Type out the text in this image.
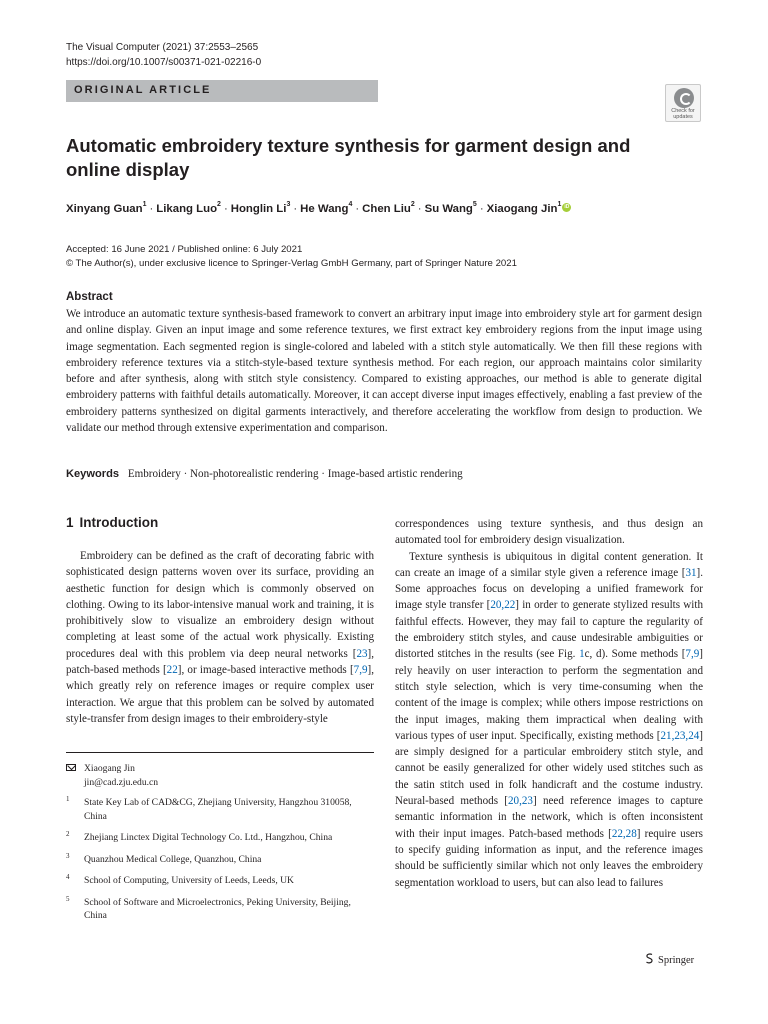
The Visual Computer (2021) 37:2553–2565
https://doi.org/10.1007/s00371-021-02216-0
ORIGINAL ARTICLE
Check for updates
Automatic embroidery texture synthesis for garment design and online display
Xinyang Guan$^1$ · Likang Luo$^2$ · Honglin $Li^3 \cdot He$ Wang$^4$ · Chen Liu$^2$ · Su Wang$^5$ · Xiaogang Jin$^1$ iD
Accepted: 16 June 2021 / Published online: 6 July 2021
© The Author(s), under exclusive licence to Springer-Verlag GmbH Germany, part of Springer Nature 2021
Abstract
We introduce an automatic texture synthesis-based framework to convert an arbitrary input image into embroidery style art for garment design and online display. Given an input image and some reference textures, we first extract key embroidery regions from the input image using image segmentation. Each segmented region is single-colored and labeled with a stitch style automatically. We then fill these regions with embroidery reference textures via a stitch-style-based texture synthesis method. For each region, our approach maintains color similarity before and after synthesis, along with stitch style consistency. Compared to existing approaches, our method is able to generate digital embroidery patterns with faithful details automatically. Moreover, it can accept diverse input images effectively, enabling a fast preview of the embroidery patterns synthesized on digital garments interactively, and therefore accelerating the workflow from design to production. We validate our method through extensive experimentation and comparison.
Keywords Embroidery · Non-photorealistic rendering · Image-based artistic rendering
1 Introduction

Embroidery can be defined as the craft of decorating fabric with sophisticated design patterns woven over its surface, providing an aesthetic function for design which is commonly observed on clothing. Owing to its labor-intensive manual work and training, it is prohibitively slow to visualize an embroidery design without completing at least some of the actual work physically. Existing procedures deal with this problem via deep neural networks [23], patch-based methods [22], or image-based interactive methods [7,9], which greatly rely on reference images or require complex user interaction. We argue that this problem can be solved by automated style-transfer from design images to their embroidery-style

correspondences using texture synthesis, and thus design an automated tool for embroidery design visualization.

Texture synthesis is ubiquitous in digital content generation. It can create an image of a similar style given a reference image [31]. Some approaches focus on developing a unified framework for image style transfer [20,22] in order to generate stylized results with faithful effects. However, they may fail to capture the regularity of the embroidery stitch styles, and cause undesirable ambiguities or distorted stitches in the results (see Fig. 1c, d). Some methods [7,9] rely heavily on user interaction to perform the segmentation and stitch style selection, which is very time-consuming when the content of the image is complex; while others impose restrictions on the input images, making them impractical when dealing with various types of user input. Specifically, existing methods [21,23,24] are simply designed for a particular embroidery stitch style, and cannot be easily generalized for other widely used stitches such as the satin stitch used in folk handicraft and the costume industry. Neural-based methods [20,23] need reference images to capture semantic information in the network, which is often inconsistent with their input images. Patch-based methods [22,28] require users to specify guiding information as input, and the reference images should be sufficiently similar which not only leaves the embroidery segmentation workload to users, but can also lead to failures

Xiaogang Jin
jin@cad.zju.edu.cn
1 State Key Lab of CAD&CG, Zhejiang University, Hangzhou 310058, China
2 Zhejiang Linctex Digital Technology Co. Ltd., Hangzhou, China
3 Quanzhou Medical College, Quanzhou, China
4 School of Computing, University of Leeds, Leeds, UK
5 School of Software and Microelectronics, Peking University, Beijing, China
Springer
